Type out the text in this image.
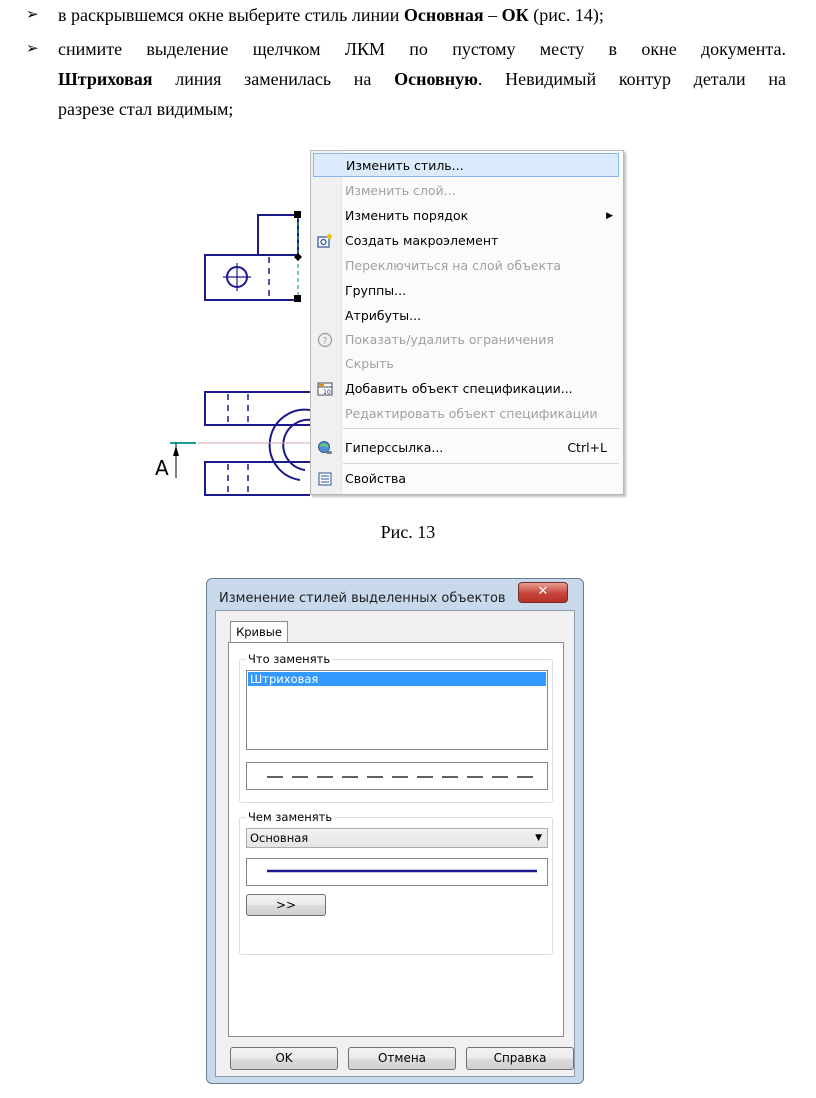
➢	в раскрывшемся окне выберите стиль линии Основная – ОК (рис. 14);
➢	снимите выделение щелчком ЛКМ по пустому месту в окне документа.
Штриховая линия заменилась на Основную. Невидимый контур детали на
разрезе стал видимым;
A
Изменить стиль...
Изменить слой...
Изменить порядок	▶
Создать макроэлемент
Переключиться на слой объекта
Группы...
Атрибуты...
? Показать/удалить ограничения
Скрыть
10 Добавить объект спецификации...
Редактировать объект спецификации
Гиперссылка...	Ctrl+L
Свойства
Рис. 13
Изменение стилей выделенных объектов	✕
Кривые
Что заменять
Штриховая
Чем заменять
Основная	▼
>>
OK	Отмена	Справка
